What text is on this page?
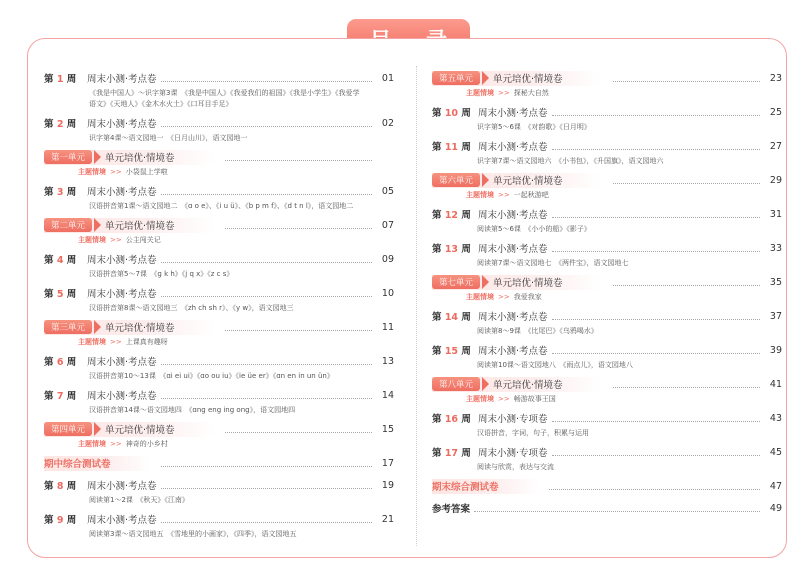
第 1 周	周末小测·考点卷	01
《我是中国人》～识字第3课　《我是中国人》《我爱我们的祖国》《我是小学生》《我爱学
语文》《天地人》《金木水火土》《口耳目手足》
第 2 周	周末小测·考点卷	02
识字第4课～语文园地一　《日月山川》，语文园地一
第一单元	单元培优·情境卷
主题情境 >> 小袋鼠上学啦
第 3 周	周末小测·考点卷	05
汉语拼音第1课～语文园地二　《ɑ o e》、《i u ü》、《b p m f》、《d t n l》，语文园地二
第二单元	单元培优·情境卷	07
主题情境 >> 公主闯关记
第 4 周	周末小测·考点卷	09
汉语拼音第5～7课　《g k h》《j q x》《z c s》
第 5 周	周末小测·考点卷	10
汉语拼音第8课～语文园地三　《zh ch sh r》、《y w》，语文园地三
第三单元	单元培优·情境卷	11
主题情境 >> 上课真有趣呀
第 6 周	周末小测·考点卷	13
汉语拼音第10～13课　《ɑi ei ui》《ɑo ou iu》《ie üe er》《ɑn en in un ün》
第 7 周	周末小测·考点卷	14
汉语拼音第14课～语文园地四　《ɑng eng ing ong》，语文园地四
第四单元	单元培优·情境卷	15
主题情境 >> 神奇的小乡村
期中综合测试卷	17
第 8 周	周末小测·考点卷	19
阅读第1～2课　《秋天》《江南》
第 9 周	周末小测·考点卷	21
阅读第3课～语文园地五　《雪地里的小画家》，《四季》，语文园地五
第五单元	单元培优·情境卷	23
主题情境 >> 探秘大自然
第 10 周 周末小测·考点卷	25
识字第5～6课　《对韵歌》《日月明》
第 11 周 周末小测·考点卷	27
识字第7课～语文园地六　《小书包》，《升国旗》，语文园地六
第六单元	单元培优·情境卷	29
主题情境 >> 一起秋游吧
第 12 周 周末小测·考点卷	31
阅读第5～6课　《小小的船》《影子》
第 13 周 周末小测·考点卷	33
阅读第7课～语文园地七　《两件宝》，语文园地七
第七单元	单元培优·情境卷	35
主题情境 >> 我爱我家
第 14 周 周末小测·考点卷	37
阅读第8～9课　《比尾巴》《乌鸦喝水》
第 15 周 周末小测·考点卷	39
阅读第10课～语文园地八　《雨点儿》，语文园地八
第八单元	单元培优·情境卷	41
主题情境 >> 畅游故事王国
第 16 周 周末小测·专项卷	43
汉语拼音，字词，句子，积累与运用
第 17 周 周末小测·专项卷	45
阅读与欣赏，表达与交流
期末综合测试卷	47
参考答案	49
